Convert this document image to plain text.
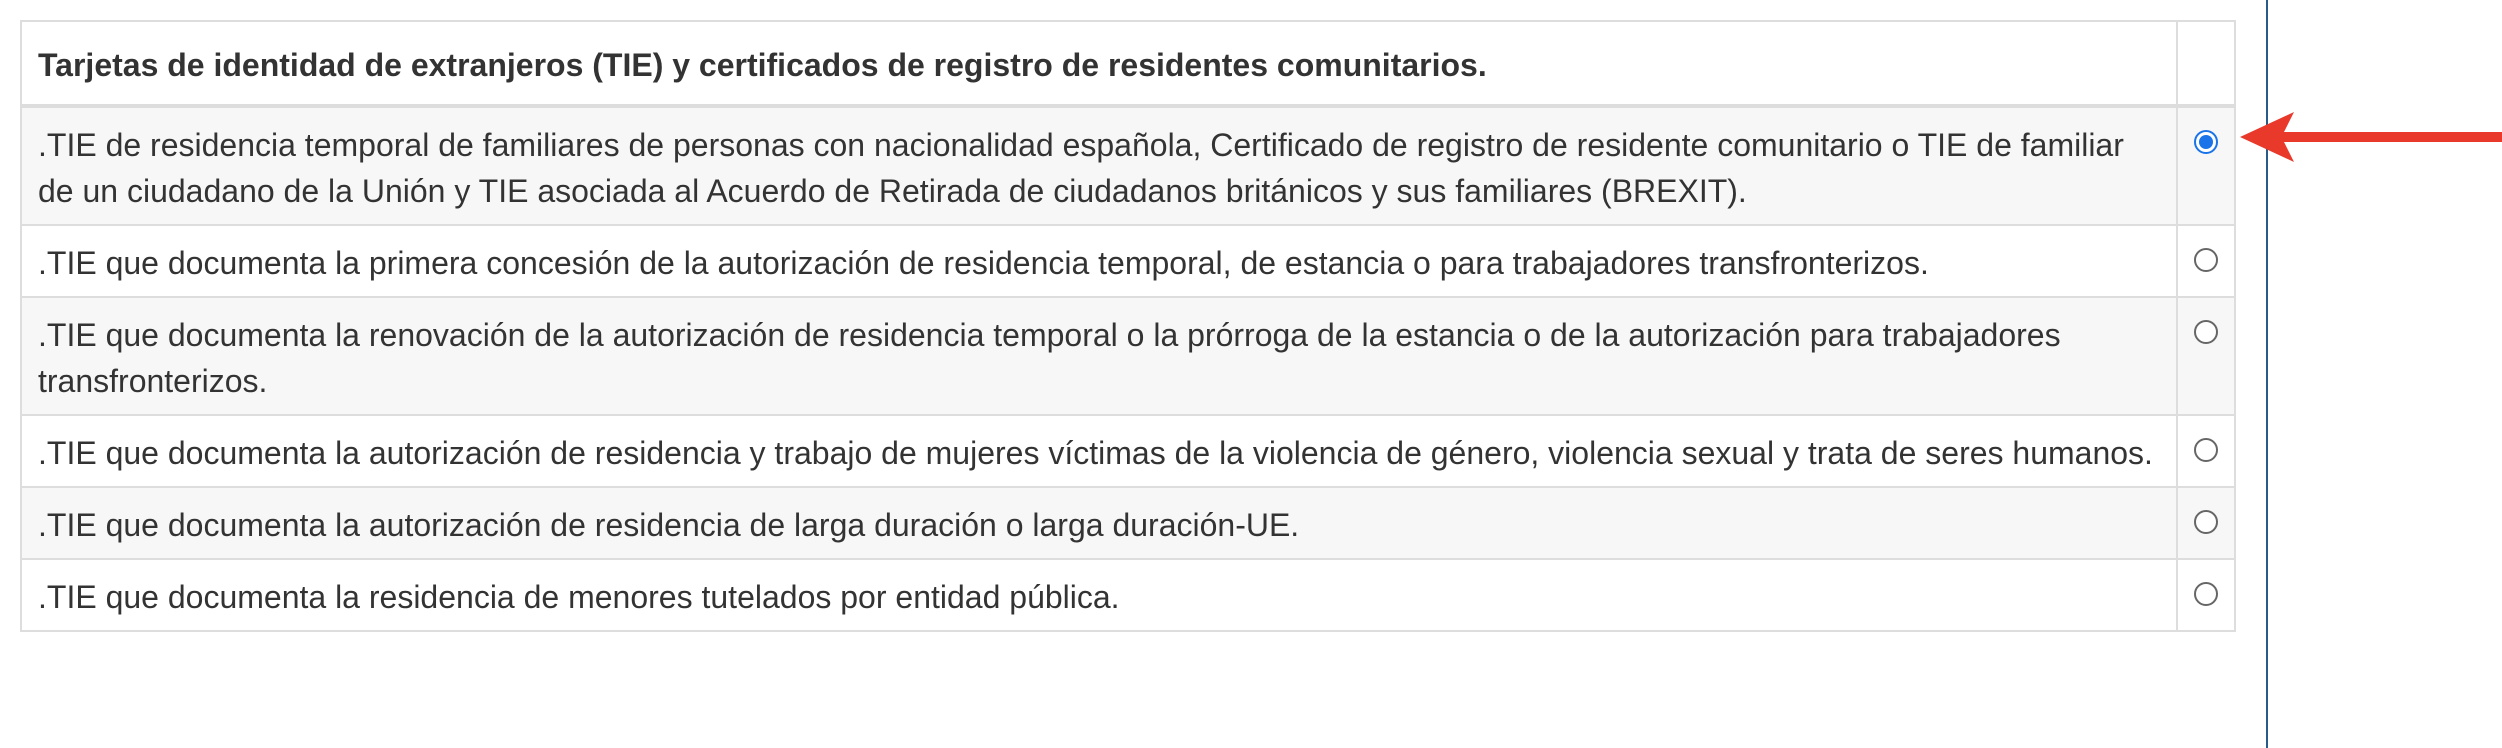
Tarjetas de identidad de extranjeros (TIE) y certificados de registro de residentes comunitarios.	
.TIE de residencia temporal de familiares de personas con nacionalidad española, Certificado de registro de residente comunitario o TIE de familiar de un ciudadano de la Unión y TIE asociada al Acuerdo de Retirada de ciudadanos británicos y sus familiares (BREXIT).	
.TIE que documenta la primera concesión de la autorización de residencia temporal, de estancia o para trabajadores transfronterizos.	
.TIE que documenta la renovación de la autorización de residencia temporal o la prórroga de la estancia o de la autorización para trabajadores transfronterizos.	
.TIE que documenta la autorización de residencia y trabajo de mujeres víctimas de la violencia de género, violencia sexual y trata de seres humanos.	
.TIE que documenta la autorización de residencia de larga duración o larga duración-UE.	
.TIE que documenta la residencia de menores tutelados por entidad pública.	
